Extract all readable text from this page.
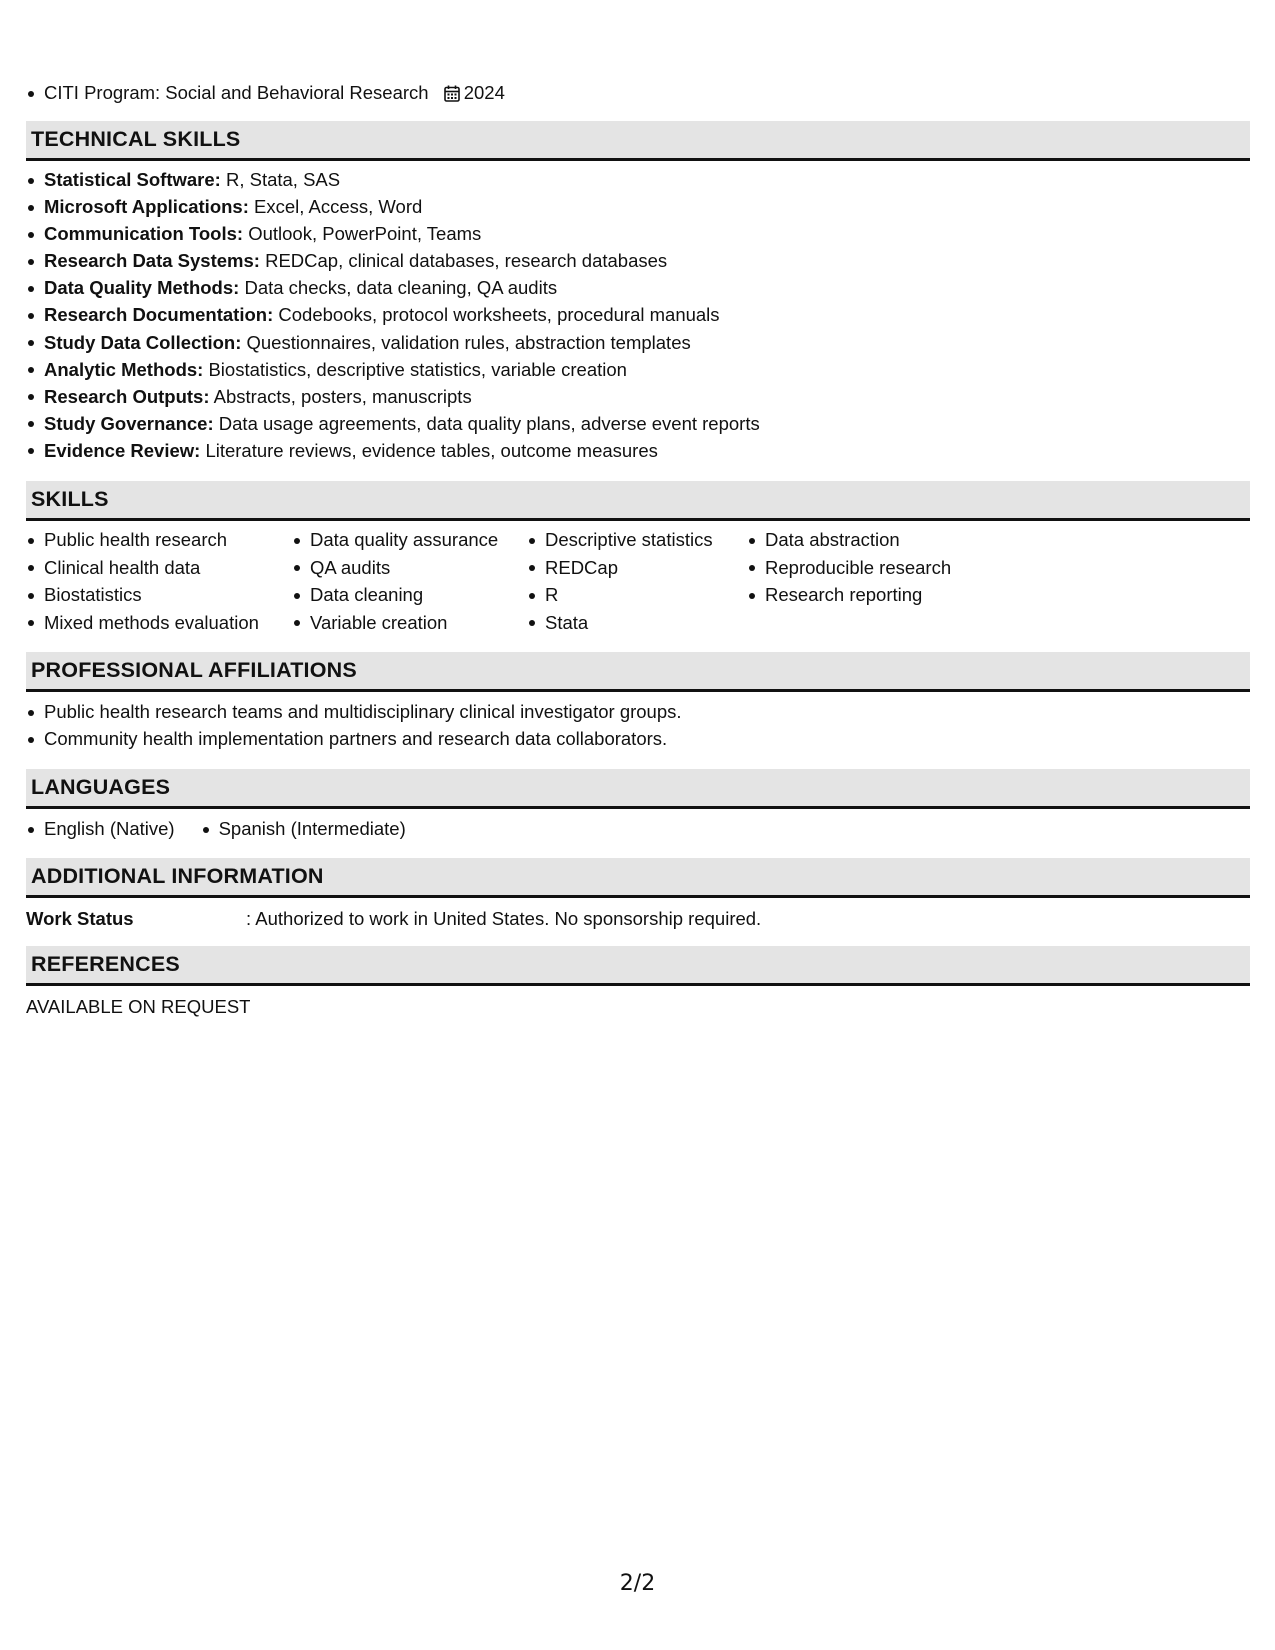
CITI Program: Social and Behavioral Research 2024
TECHNICAL SKILLS
Statistical Software: R, Stata, SAS
Microsoft Applications: Excel, Access, Word
Communication Tools: Outlook, PowerPoint, Teams
Research Data Systems: REDCap, clinical databases, research databases
Data Quality Methods: Data checks, data cleaning, QA audits
Research Documentation: Codebooks, protocol worksheets, procedural manuals
Study Data Collection: Questionnaires, validation rules, abstraction templates
Analytic Methods: Biostatistics, descriptive statistics, variable creation
Research Outputs: Abstracts, posters, manuscripts
Study Governance: Data usage agreements, data quality plans, adverse event reports
Evidence Review: Literature reviews, evidence tables, outcome measures
SKILLS
Public health research
Clinical health data
Biostatistics
Mixed methods evaluation
Data quality assurance
QA audits
Data cleaning
Variable creation
Descriptive statistics
REDCap
R
Stata
Data abstraction
Reproducible research
Research reporting
PROFESSIONAL AFFILIATIONS
Public health research teams and multidisciplinary clinical investigator groups.
Community health implementation partners and research data collaborators.
LANGUAGES
English (Native)	Spanish (Intermediate)
ADDITIONAL INFORMATION
Work Status	: Authorized to work in United States. No sponsorship required.
REFERENCES
AVAILABLE ON REQUEST
2/2
